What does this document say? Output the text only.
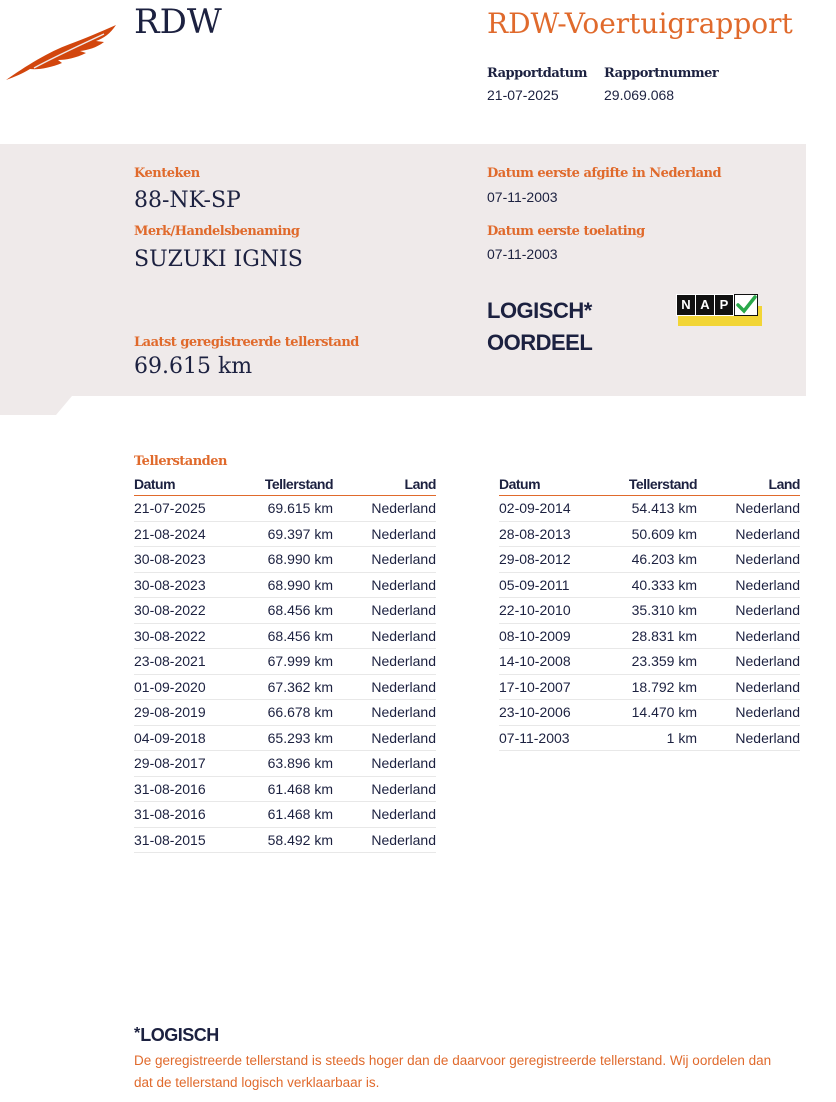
RDW	RDW-Voertuigrapport
Rapportdatum
21-07-2025
Rapportnummer
29.069.068
Kenteken
88-NK-SP
Merk/Handelsbenaming
SUZUKI IGNIS
Datum eerste afgifte in Nederland
07-11-2003
Datum eerste toelating
07-11-2003
Laatst geregistreerde tellerstand
69.615 km
LOGISCH*
OORDEEL
N A P
Tellerstanden
Datum	Tellerstand	Land
21-07-2025	69.615 km	Nederland
21-08-2024	69.397 km	Nederland
30-08-2023	68.990 km	Nederland
30-08-2023	68.990 km	Nederland
30-08-2022	68.456 km	Nederland
30-08-2022	68.456 km	Nederland
23-08-2021	67.999 km	Nederland
01-09-2020	67.362 km	Nederland
29-08-2019	66.678 km	Nederland
04-09-2018	65.293 km	Nederland
29-08-2017	63.896 km	Nederland
31-08-2016	61.468 km	Nederland
31-08-2016	61.468 km	Nederland
31-08-2015	58.492 km	Nederland
Datum	Tellerstand	Land
02-09-2014	54.413 km	Nederland
28-08-2013	50.609 km	Nederland
29-08-2012	46.203 km	Nederland
05-09-2011	40.333 km	Nederland
22-10-2010	35.310 km	Nederland
08-10-2009	28.831 km	Nederland
14-10-2008	23.359 km	Nederland
17-10-2007	18.792 km	Nederland
23-10-2006	14.470 km	Nederland
07-11-2003	1 km	Nederland
*LOGISCH
De geregistreerde tellerstand is steeds hoger dan de daarvoor geregistreerde tellerstand. Wij oordelen dan
dat de tellerstand logisch verklaarbaar is.
